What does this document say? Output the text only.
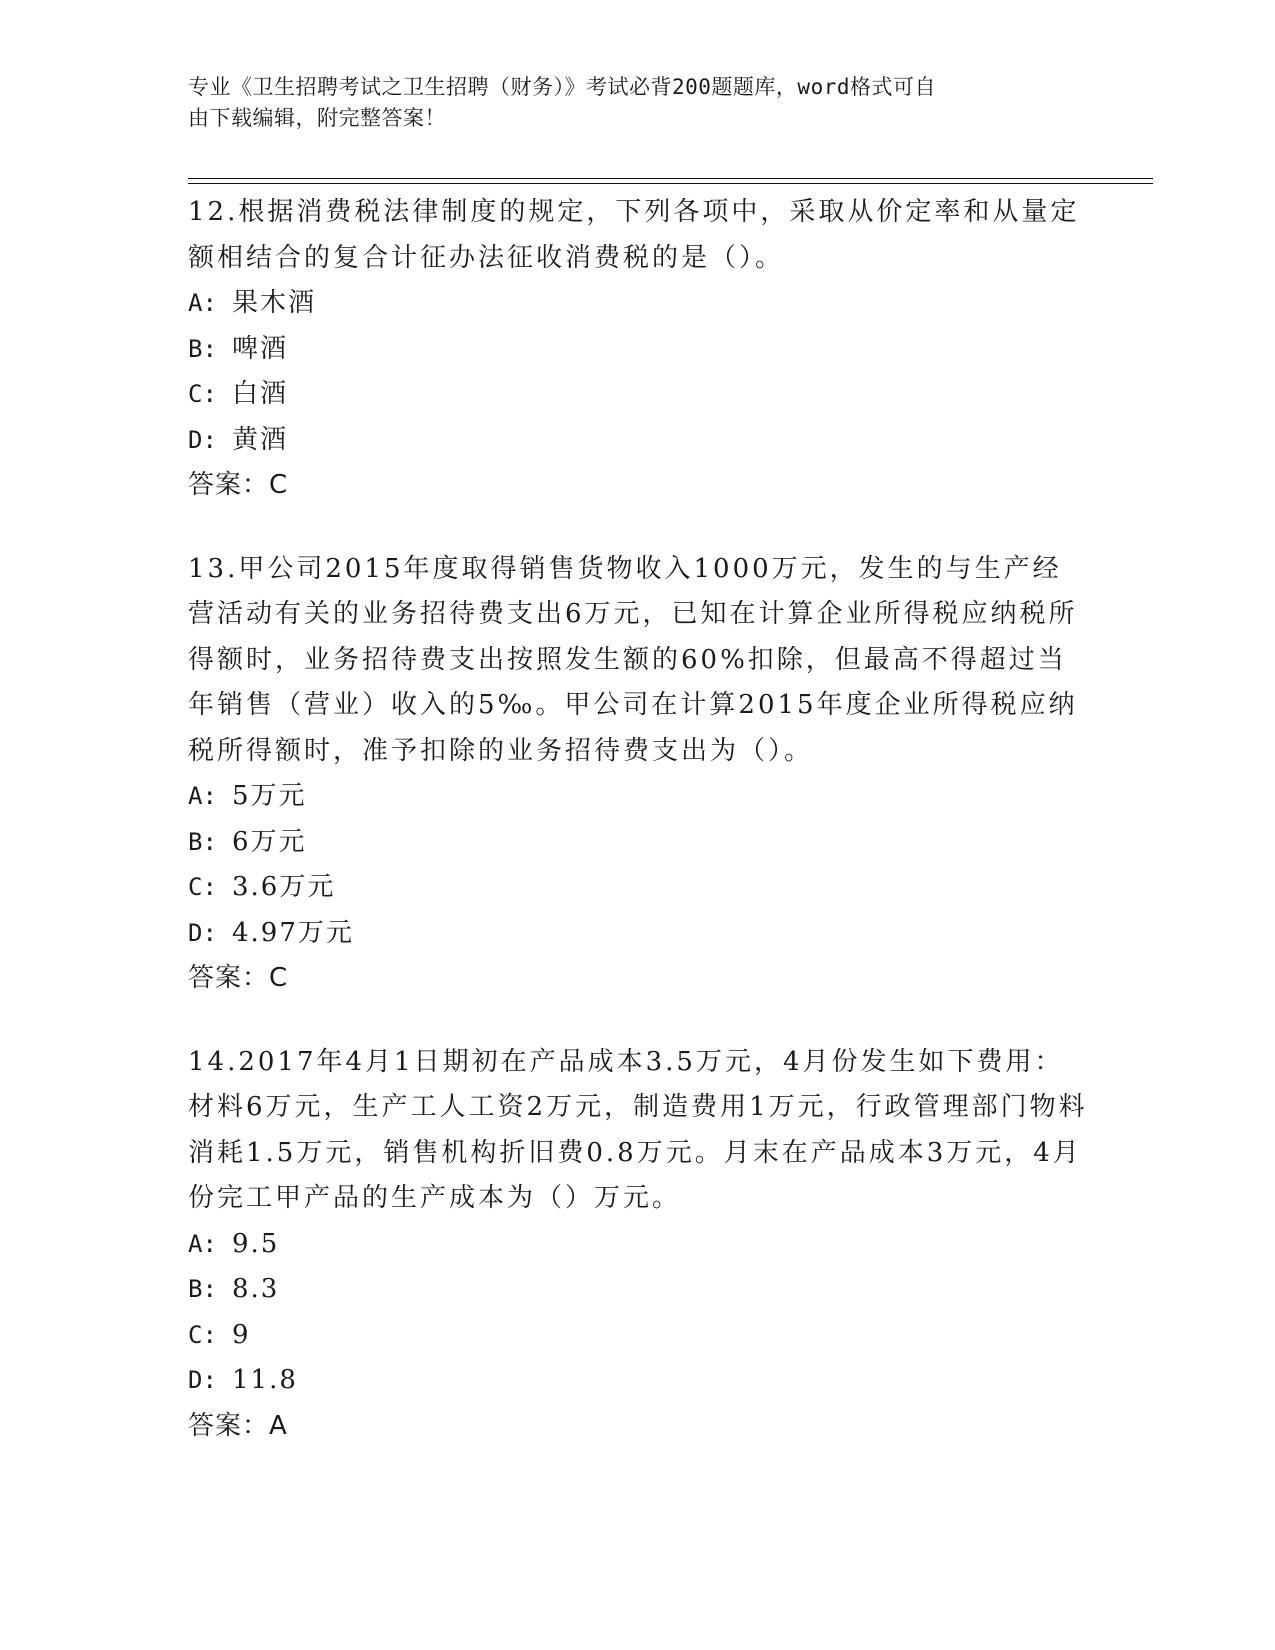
专业《卫生招聘考试之卫生招聘（财务）》考试必背200题题库，word格式可自
由下载编辑，附完整答案！
12.根据消费税法律制度的规定，下列各项中，采取从价定率和从量定额相结合的复合计征办法征收消费税的是（）。
A: 果木酒
B: 啤酒
C: 白酒
D: 黄酒
答案：C
13.甲公司2015年度取得销售货物收入1000万元，发生的与生产经营活动有关的业务招待费支出6万元，已知在计算企业所得税应纳税所得额时，业务招待费支出按照发生额的60%扣除，但最高不得超过当年销售（营业）收入的5‰。甲公司在计算2015年度企业所得税应纳税所得额时，准予扣除的业务招待费支出为（）。
A: 5万元
B: 6万元
C: 3.6万元
D: 4.97万元
答案：C
14.2017年4月1日期初在产品成本3.5万元，4月份发生如下费用：材料6万元，生产工人工资2万元，制造费用1万元，行政管理部门物料消耗1.5万元，销售机构折旧费0.8万元。月末在产品成本3万元，4月份完工甲产品的生产成本为（）万元。
A: 9.5
B: 8.3
C: 9
D: 11.8
答案：A
